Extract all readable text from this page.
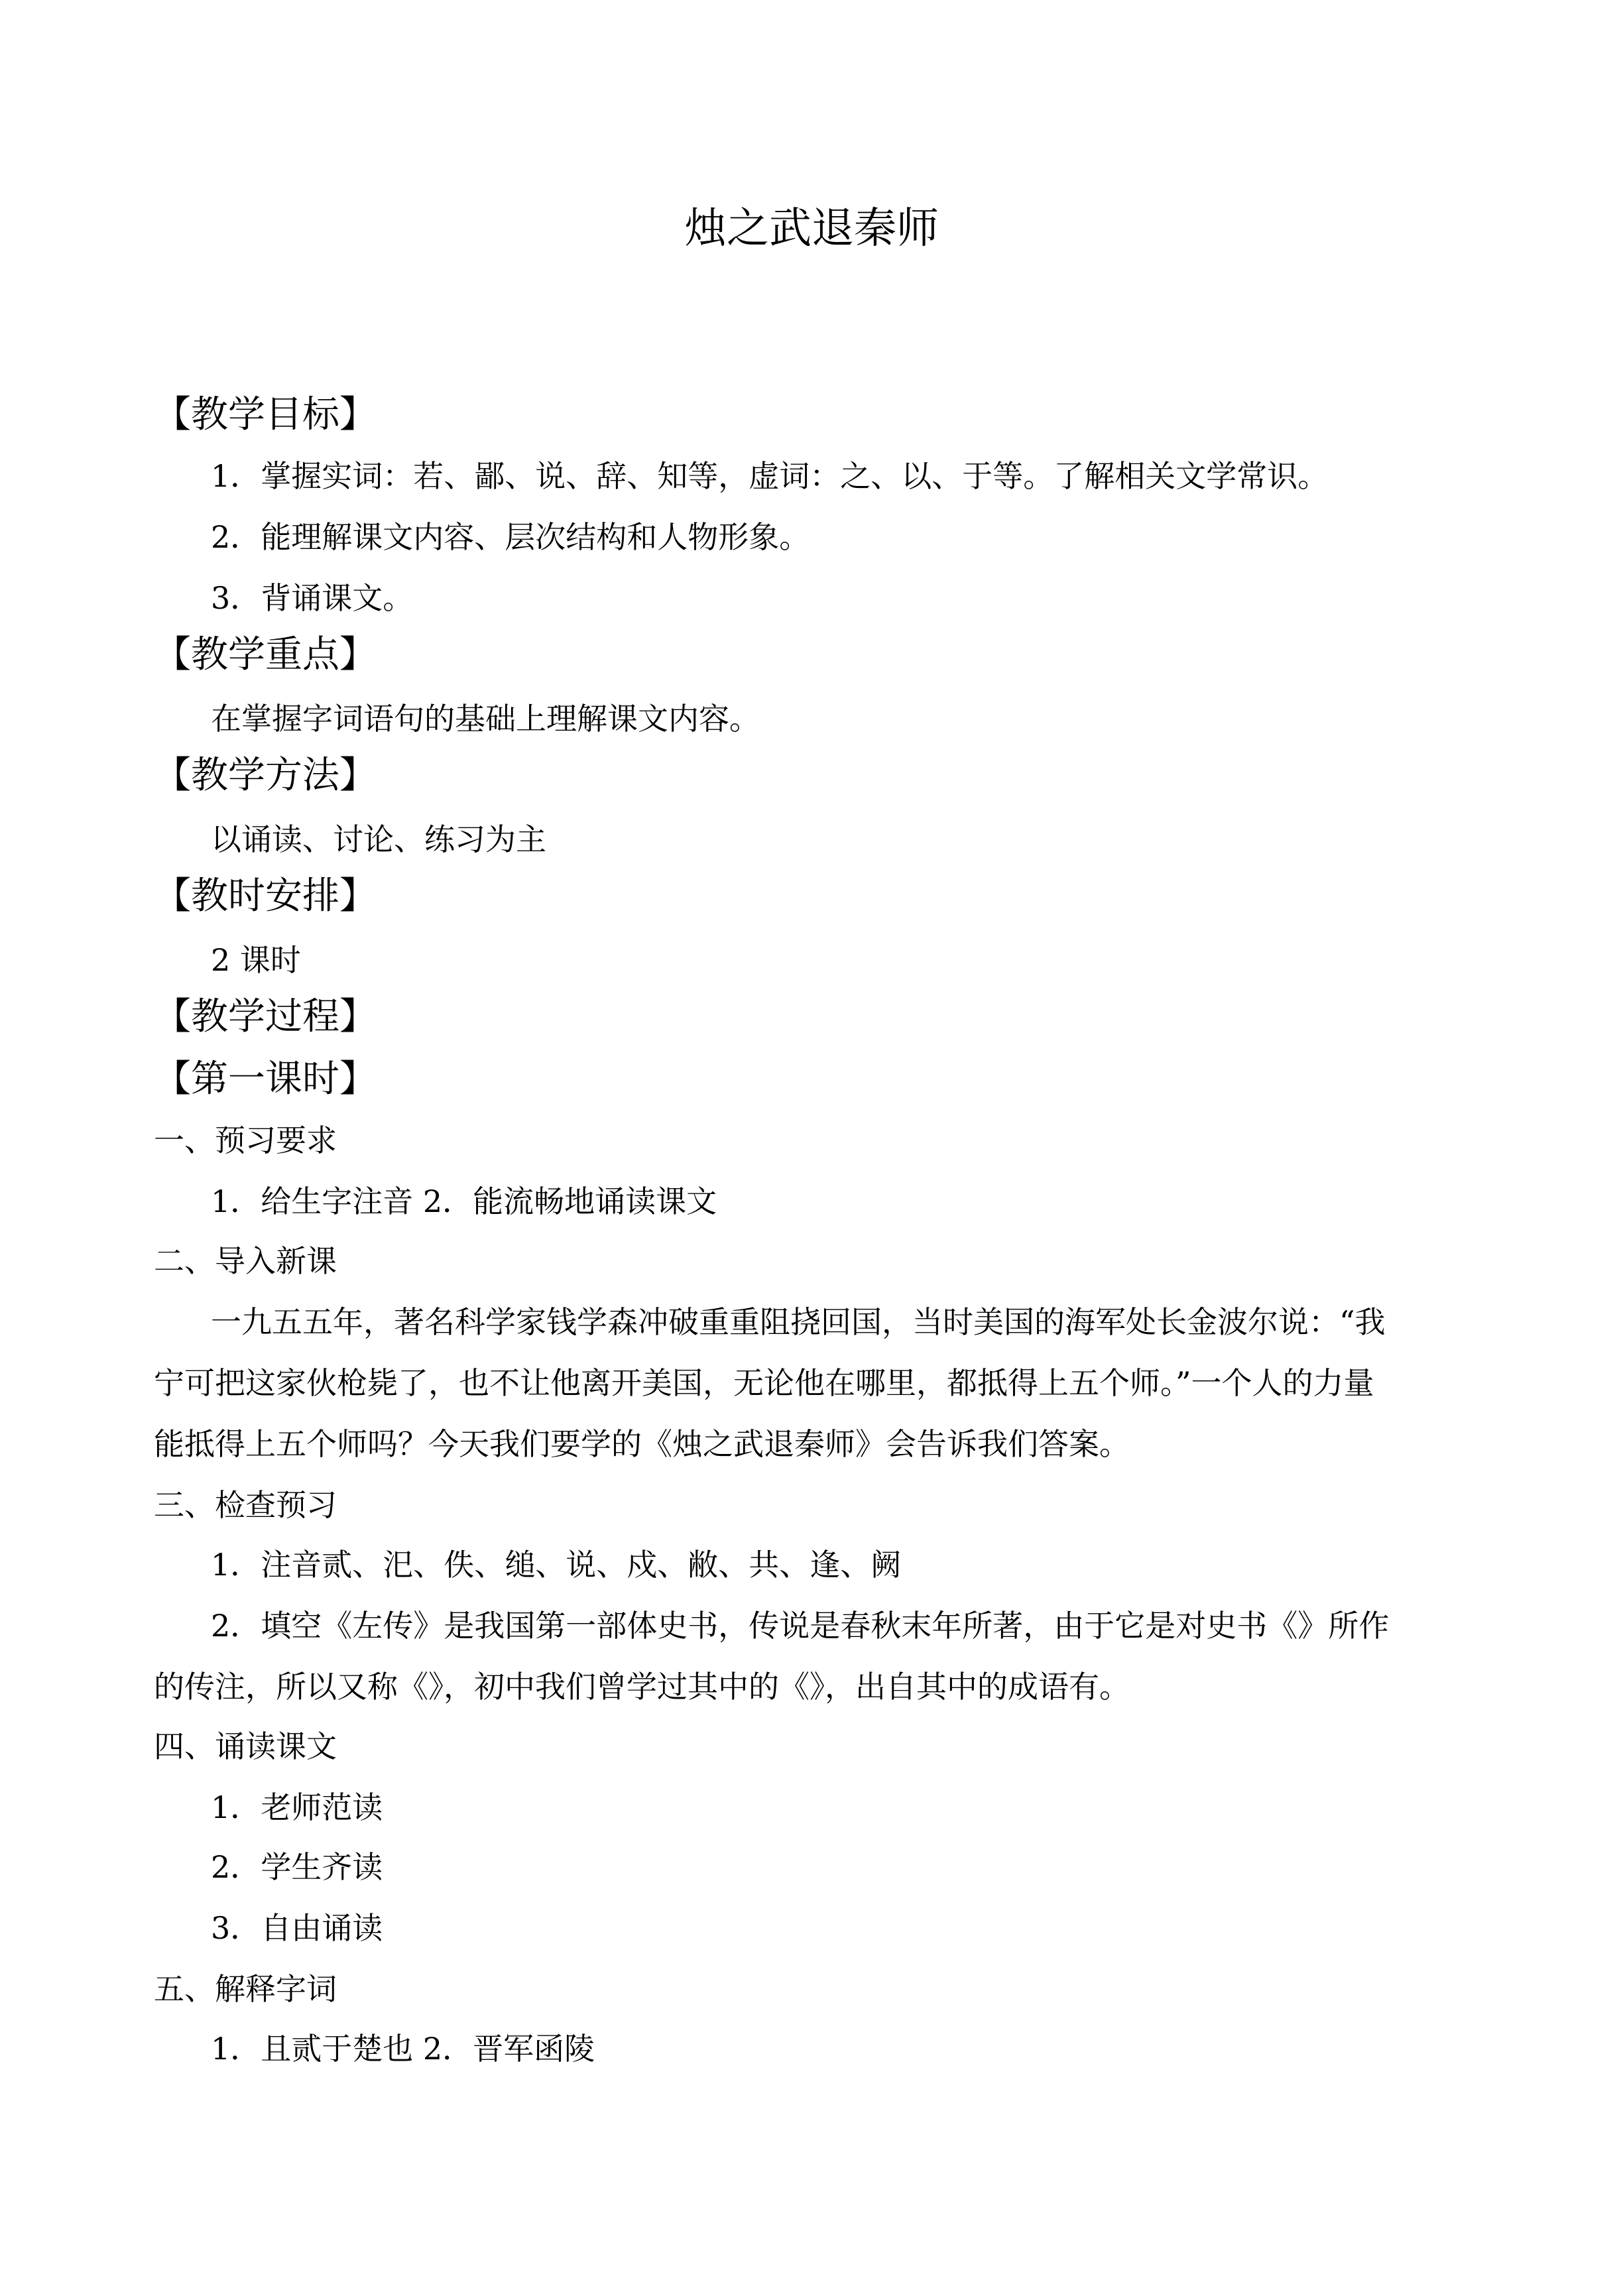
烛之武退秦师
【教学目标】
1．掌握实词：若、鄙、说、辞、知等，虚词：之、以、于等。了解相关文学常识。
2．能理解课文内容、层次结构和人物形象。
3．背诵课文。
【教学重点】
在掌握字词语句的基础上理解课文内容。
【教学方法】
以诵读、讨论、练习为主
【教时安排】
2 课时
【教学过程】
【第一课时】
一、预习要求
1．给生字注音 2．能流畅地诵读课文
二、导入新课
一九五五年，著名科学家钱学森冲破重重阻挠回国，当时美国的海军处长金波尔说：“我
宁可把这家伙枪毙了，也不让他离开美国，无论他在哪里，都抵得上五个师。”一个人的力量
能抵得上五个师吗？今天我们要学的《烛之武退秦师》会告诉我们答案。
三、检查预习
1．注音贰、汜、佚、缒、说、戍、敝、共、逢、阙
2．填空《左传》是我国第一部体史书，传说是春秋末年所著，由于它是对史书《》所作
的传注，所以又称《》，初中我们曾学过其中的《》，出自其中的成语有。
四、诵读课文
1．老师范读
2．学生齐读
3．自由诵读
五、解释字词
1．且贰于楚也 2．晋军函陵
